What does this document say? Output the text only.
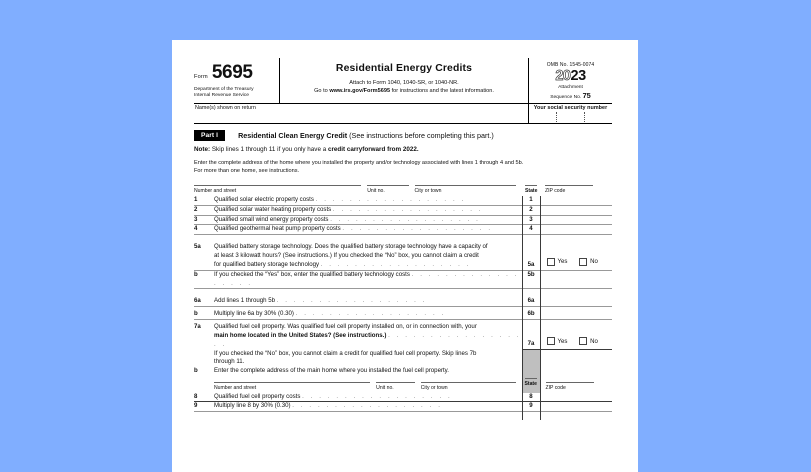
Form 5695
Department of the Treasury
Internal Revenue Service
Residential Energy Credits
Attach to Form 1040, 1040-SR, or 1040-NR.
Go to www.irs.gov/Form5695 for instructions and the latest information.
OMB No. 1545-0074
20 23
Attachment
Sequence No. 75
Name(s) shown on return	Your social security number
Part I	Residential Clean Energy Credit (See instructions before completing this part.)
Note: Skip lines 1 through 11 if you only have a credit carryforward from 2022.
Enter the complete address of the home where you installed the property and/or technology associated with lines 1 through 4 and 5b.
For more than one home, see instructions.
Number and street Unit no. City or town		State	ZIP code

1	Qualified solar electric property costs . . . . . . . . . . . . . . . . . .	1	
2	Qualified solar water heating property costs . . . . . . . . . . . . . . . . . .	2	
3	Qualified small wind energy property costs . . . . . . . . . . . . . . . . . .	3	
4	Qualified geothermal heat pump property costs . . . . . . . . . . . . . . . . . .	4	

5a	Qualified battery storage technology. Does the qualified battery storage technology have a capacity of
at least 3 kilowatt hours? (See instructions.) If you checked the “No” box, you cannot claim a credit
for qualified battery storage technology . . . . . . . . . . . . . . . . . .	5a	Yes
	No

b	If you checked the “Yes” box, enter the qualified battery technology costs . . . . . . . . . . . . . . . . . .	5b	

6a	Add lines 1 through 5b . . . . . . . . . . . . . . . . . .	6a	

b	Multiply line 6a by 30% (0.30) . . . . . . . . . . . . . . . . . .	6b	

7a	Qualified fuel cell property. Was qualified fuel cell property installed on, or in connection with, your
main home located in the United States? (See instructions.) . . . . . . . . . . . . . . . . . .	7a	Yes
	No

	If you checked the “No” box, you cannot claim a credit for qualified fuel cell property. Skip lines 7b
through 11.		

b	Enter the complete address of the main home where you installed the fuel cell property.		

	Number and street Unit no. City or town	State	ZIP code

8	Qualified fuel cell property costs . . . . . . . . . . . . . . . . . .	8	
9	Multiply line 8 by 30% (0.30) . . . . . . . . . . . . . . . . . .	9	
